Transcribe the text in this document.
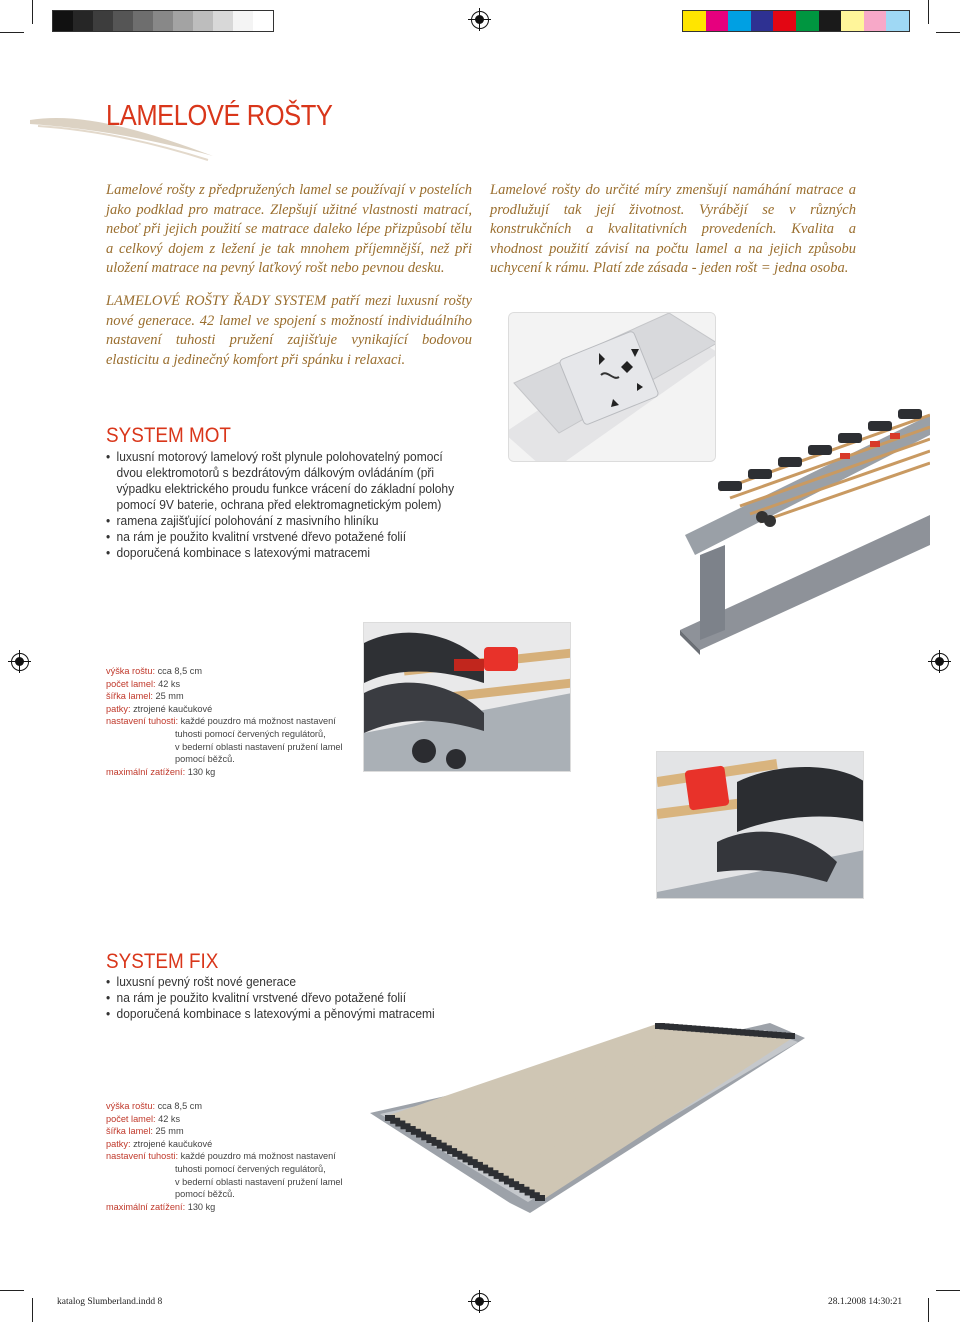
LAMELOVÉ ROŠTY

Lamelové rošty z předpružených lamel se používají v postelích jako podklad pro matrace. Zlepšují užitné vlastnosti matrací, neboť při jejich použití se matrace daleko lépe přizpůsobí tělu a celkový dojem z ležení je tak mnohem příjemnější, než při uložení matrace na pevný laťkový rošt nebo pevnou desku.

Lamelové rošty do určité míry zmenšují namáhání matrace a prodlužují tak její životnost. Vyrábějí se v různých konstrukčních a kvalitativních provedeních. Kvalita a vhodnost použití závisí na počtu lamel a na jejich způsobu uchycení k rámu. Platí zde zásada - jeden rošt = jedna osoba.

LAMELOVÉ ROŠTY ŘADY SYSTEM patří mezi luxusní rošty nové generace. 42 lamel ve spojení s možností individuálního nastavení tuhosti pružení zajišťuje vynikající bodovou elasticitu a jedinečný komfort při spánku i relaxaci.

SYSTEM MOT
• luxusní motorový lamelový rošt plynule polohovatelný pomocí dvou elektromotorů s bezdrátovým dálkovým ovládáním (při výpadku elektrického proudu funkce vrácení do základní polohy pomocí 9V baterie, ochrana před elektromagnetickým polem)
• ramena zajišťující polohování z masivního hliníku
• na rám je použito kvalitní vrstvené dřevo potažené folií
• doporučená kombinace s latexovými matracemi
výška roštu: cca 8,5 cm
počet lamel: 42 ks
šířka lamel: 25 mm
patky: ztrojené kaučukové
nastavení tuhosti: každé pouzdro má možnost nastavení
tuhosti pomocí červených regulátorů,
v bederní oblasti nastavení pružení lamel
pomocí běžců.
maximální zatížení: 130 kg
SYSTEM FIX
• luxusní pevný rošt nové generace
• na rám je použito kvalitní vrstvené dřevo potažené folií
• doporučená kombinace s latexovými a pěnovými matracemi
výška roštu: cca 8,5 cm
počet lamel: 42 ks
šířka lamel: 25 mm
patky: ztrojené kaučukové
nastavení tuhosti: každé pouzdro má možnost nastavení
tuhosti pomocí červených regulátorů,
v bederní oblasti nastavení pružení lamel
pomocí běžců.
maximální zatížení: 130 kg
katalog Slumberland.indd 8	28.1.2008 14:30:21
